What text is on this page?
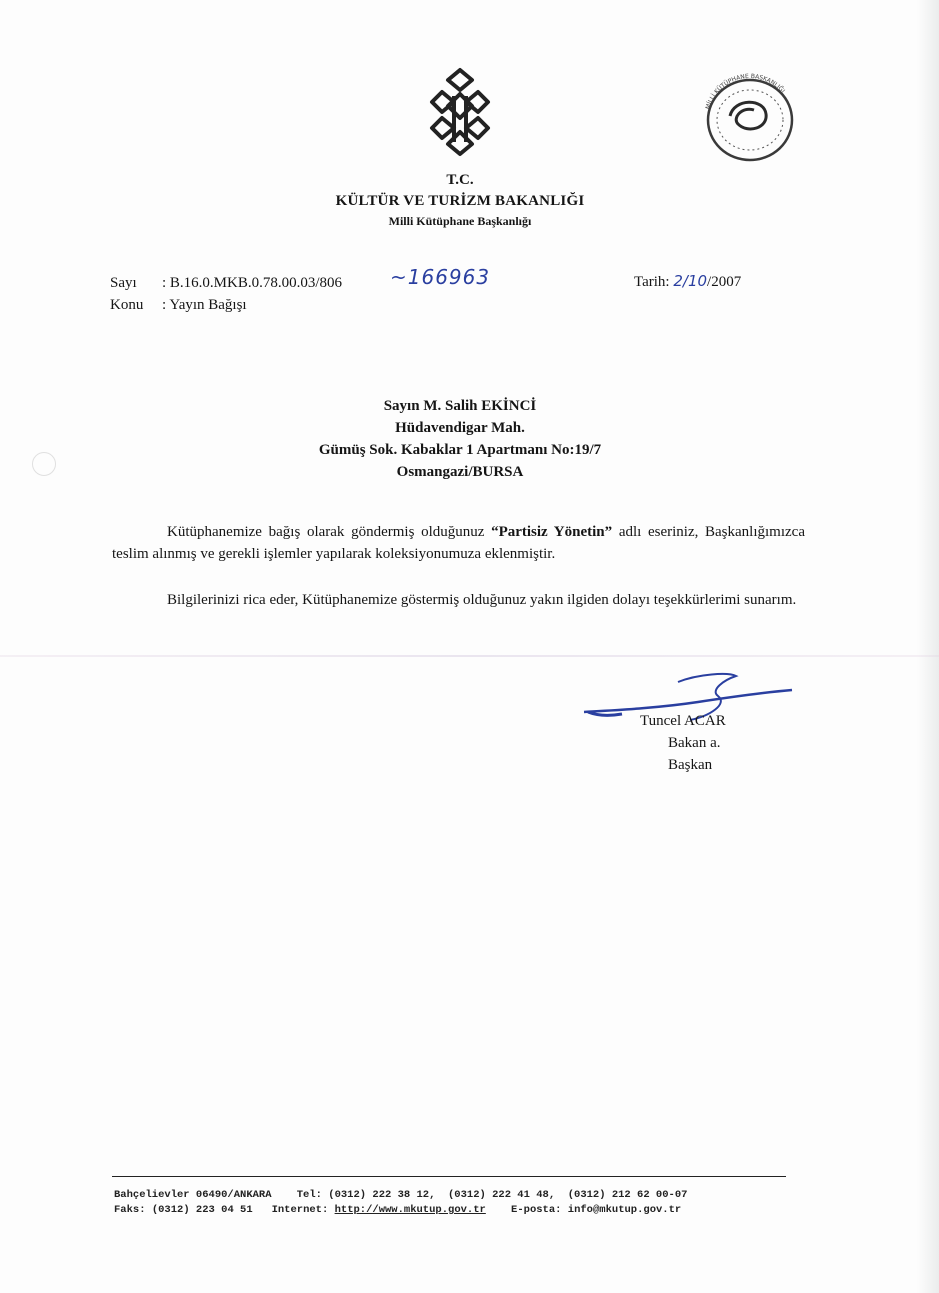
MİLLİ KÜTÜPHANE BAŞKANLIĞI
T.C.
KÜLTÜR VE TURİZM BAKANLIĞI
Milli Kütüphane Başkanlığı
Sayı : B.16.0.MKB.0.78.00.03/806 ~166963
Konu : Yayın Bağışı
Tarih: 2/10/2007
Sayın M. Salih EKİNCİ
Hüdavendigar Mah.
Gümüş Sok. Kabaklar 1 Apartmanı No:19/7
Osmangazi/BURSA
Kütüphanemize bağış olarak göndermiş olduğunuz “Partisiz Yönetin” adlı eseriniz, Başkanlığımızca teslim alınmış ve gerekli işlemler yapılarak koleksiyonumuza eklenmiştir.
Bilgilerinizi rica eder, Kütüphanemize göstermiş olduğunuz yakın ilgiden dolayı teşekkürlerimi sunarım.
Tuncel ACAR
Bakan a.
Başkan
Bahçelievler 06490/ANKARA Tel: (0312) 222 38 12,  (0312) 222 41 48,  (0312) 212 62 00-07
Faks: (0312) 223 04 51 Internet: http://www.mkutup.gov.tr E-posta: info@mkutup.gov.tr
